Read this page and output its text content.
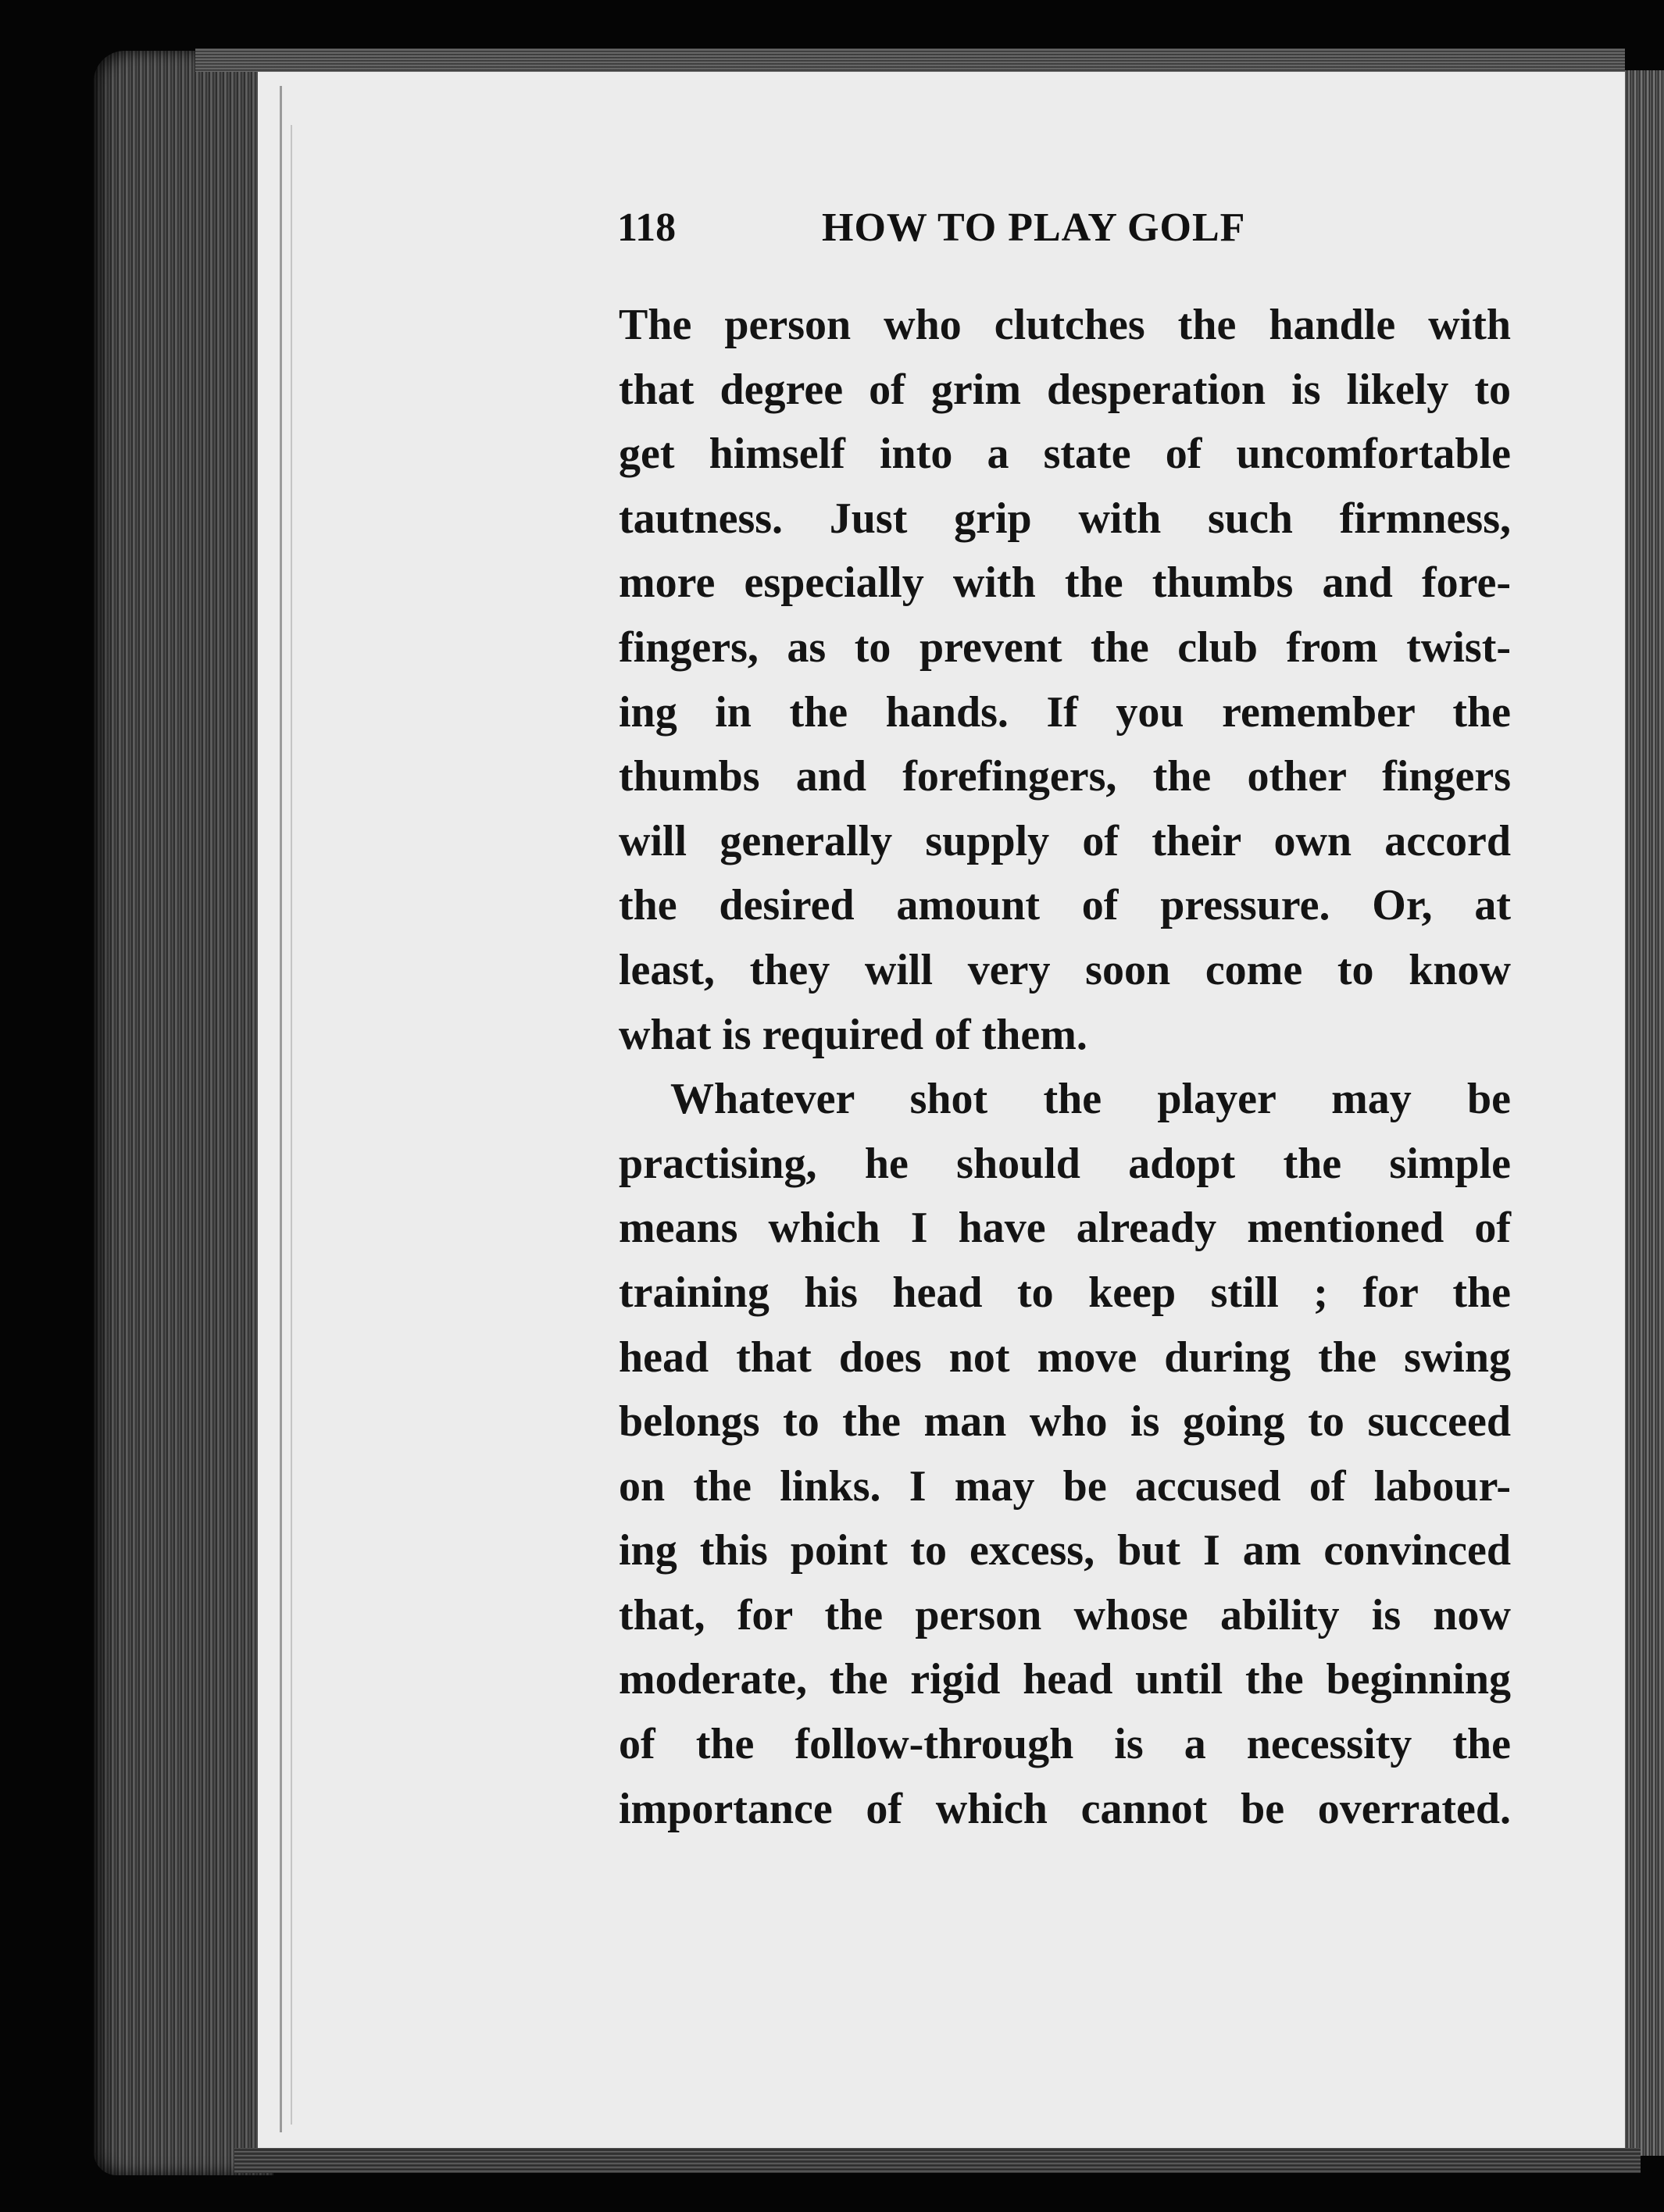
118	HOW TO PLAY GOLF
The person who clutches the handle with
that degree of grim desperation is likely to
get himself into a state of uncomfortable
tautness. Just grip with such firmness,
more especially with the thumbs and fore-
fingers, as to prevent the club from twist-
ing in the hands. If you remember the
thumbs and forefingers, the other fingers
will generally supply of their own accord
the desired amount of pressure. Or, at
least, they will very soon come to know
what is required of them.
Whatever shot the player may be
practising, he should adopt the simple
means which I have already mentioned of
training his head to keep still ; for the
head that does not move during the swing
belongs to the man who is going to succeed
on the links. I may be accused of labour-
ing this point to excess, but I am convinced
that, for the person whose ability is now
moderate, the rigid head until the beginning
of the follow-through is a necessity the
importance of which cannot be overrated.
